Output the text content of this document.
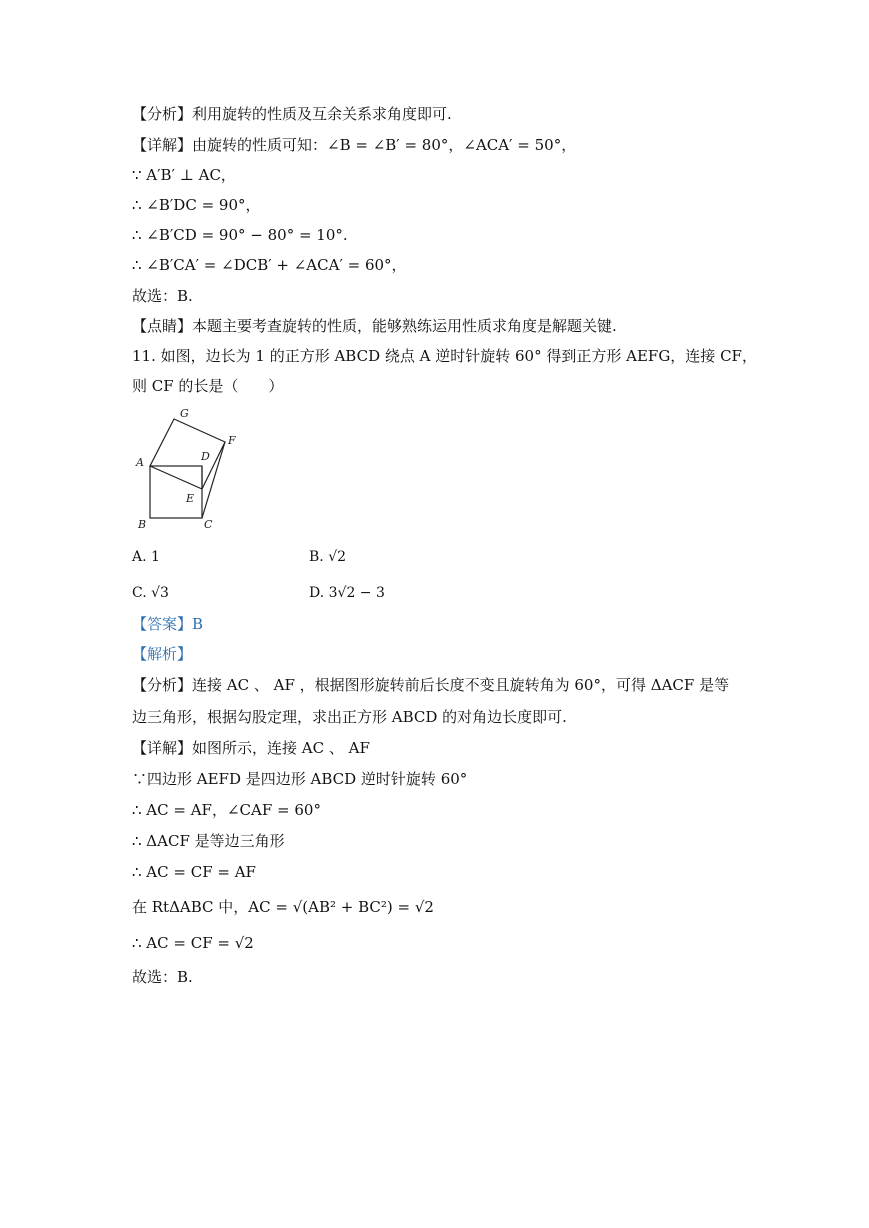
【分析】利用旋转的性质及互余关系求角度即可.
【详解】由旋转的性质可知：∠B = ∠B′ = 80°，∠ACA′ = 50°，
∵ A′B′ ⊥ AC，
∴ ∠B′DC = 90°，
∴ ∠B′CD = 90° − 80° = 10°.
∴ ∠B′CA′ = ∠DCB′ + ∠ACA′ = 60°，
故选：B.
【点睛】本题主要考查旋转的性质，能够熟练运用性质求角度是解题关键.
11. 如图，边长为 1 的正方形 ABCD 绕点 A 逆时针旋转 60° 得到正方形 AEFG，连接 CF，
则 CF 的长是（　　）
A
B	C
D
E
F
G
A. 1	B. √2
C. √3	D. 3√2 − 3
【答案】B
【解析】
【分析】连接 AC 、 AF ，根据图形旋转前后长度不变且旋转角为 60°，可得 ΔACF 是等
边三角形，根据勾股定理，求出正方形 ABCD 的对角边长度即可.
【详解】如图所示，连接 AC 、 AF
∵四边形 AEFD 是四边形 ABCD 逆时针旋转 60°
∴ AC = AF，∠CAF = 60°
∴ ΔACF 是等边三角形
∴ AC = CF = AF
在 RtΔABC 中，AC = √(AB² + BC²) = √2
∴ AC = CF = √2
故选：B.
